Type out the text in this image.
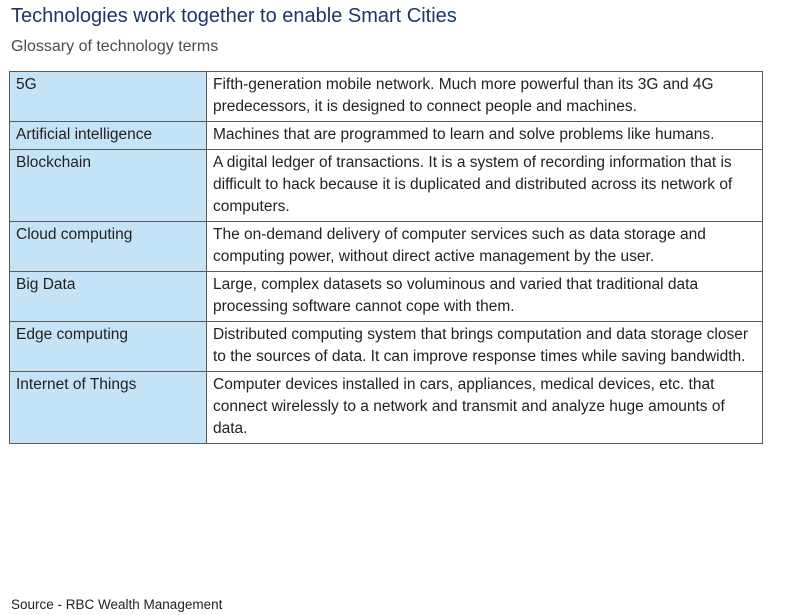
Technologies work together to enable Smart Cities
Glossary of technology terms
5G	Fifth-generation mobile network. Much more powerful than its 3G and 4G predecessors, it is designed to connect people and machines.
Artificial intelligence	Machines that are programmed to learn and solve problems like humans.
Blockchain	A digital ledger of transactions. It is a system of recording information that is difficult to hack because it is duplicated and distributed across its network of computers.
Cloud computing	The on-demand delivery of computer services such as data storage and computing power, without direct active management by the user.
Big Data	Large, complex datasets so voluminous and varied that traditional data processing software cannot cope with them.
Edge computing	Distributed computing system that brings computation and data storage closer to the sources of data. It can improve response times while saving bandwidth.
Internet of Things	Computer devices installed in cars, appliances, medical devices, etc. that connect wirelessly to a network and transmit and analyze huge amounts of data.
Source - RBC Wealth Management
